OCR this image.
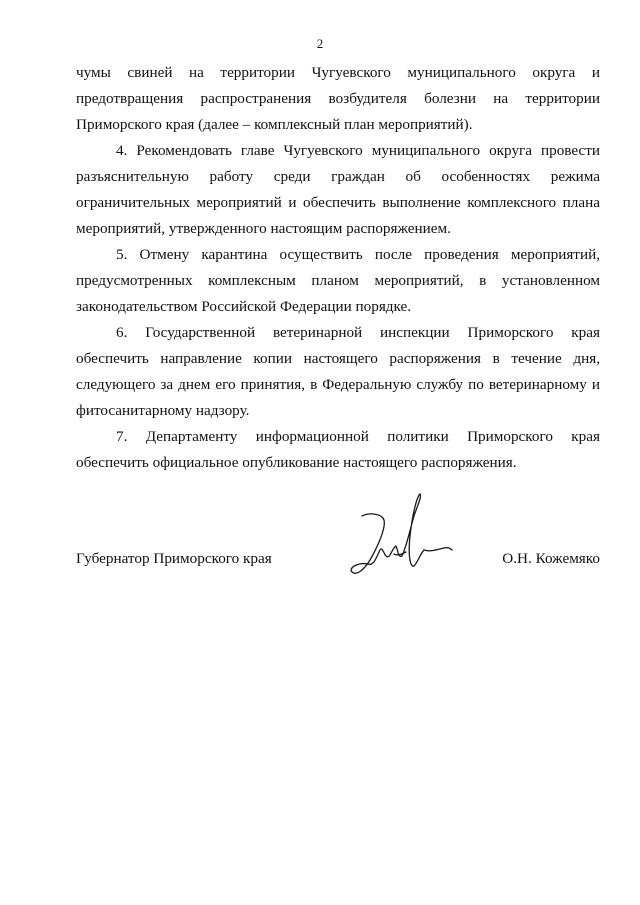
2
чумы свиней на территории Чугуевского муниципального округа и
предотвращения распространения возбудителя болезни на территории
Приморского края (далее – комплексный план мероприятий).
4. Рекомендовать главе Чугуевского муниципального округа провести
разъяснительную работу среди граждан об особенностях режима
ограничительных мероприятий и обеспечить выполнение комплексного плана
мероприятий, утвержденного настоящим распоряжением.
5. Отмену карантина осуществить после проведения мероприятий,
предусмотренных комплексным планом мероприятий, в установленном
законодательством Российской Федерации порядке.
6. Государственной ветеринарной инспекции Приморского края
обеспечить направление копии настоящего распоряжения в течение дня,
следующего за днем его принятия, в Федеральную службу по ветеринарному и
фитосанитарному надзору.
7. Департаменту информационной политики Приморского края
обеспечить официальное опубликование настоящего распоряжения.
Губернатор Приморского края	О.Н. Кожемяко
